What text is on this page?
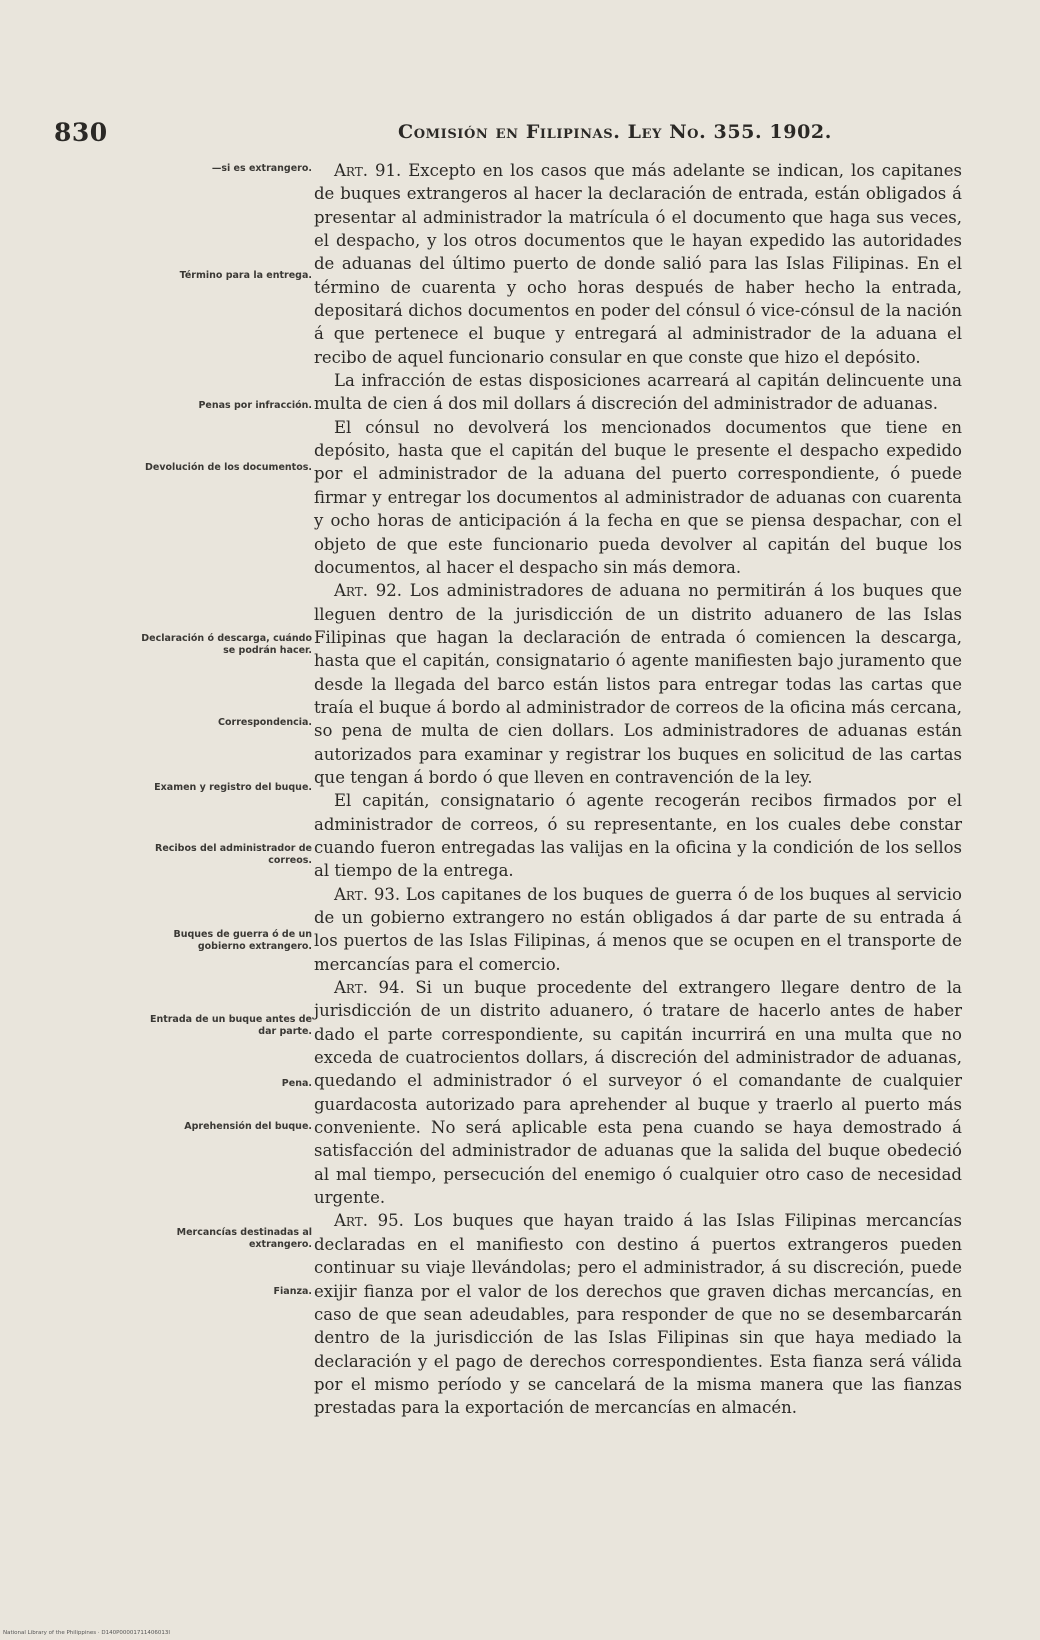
830	Comisión en Filipinas. Ley No. 355. 1902.
—si es extrangero.
Término para la entrega.
Penas por infracción.
Devolución de los documentos.
Declaración ó descarga, cuándo se podrán hacer.
Correspondencia.
Examen y registro del buque.
Recibos del administrador de correos.
Buques de guerra ó de un gobierno extrangero.
Entrada de un buque antes de dar parte.
Pena.
Aprehensión del buque.
Mercancías destinadas al extrangero.
Fianza.

Art. 91. Excepto en los casos que más adelante se indican, los capitanes de buques extrangeros al hacer la declaración de entrada, están obligados á presentar al administrador la matrícula ó el documento que haga sus veces, el despacho, y los otros documentos que le hayan expedido las autoridades de aduanas del último puerto de donde salió para las Islas Filipinas. En el término de cuarenta y ocho horas después de haber hecho la entrada, depositará dichos documentos en poder del cónsul ó vice-cónsul de la nación á que pertenece el buque y entregará al administrador de la aduana el recibo de aquel funcionario consular en que conste que hizo el depósito.

La infracción de estas disposiciones acarreará al capitán delincuente una multa de cien á dos mil dollars á discreción del administrador de aduanas.

El cónsul no devolverá los mencionados documentos que tiene en depósito, hasta que el capitán del buque le presente el despacho expedido por el administrador de la aduana del puerto correspondiente, ó puede firmar y entregar los documentos al administrador de aduanas con cuarenta y ocho horas de anticipación á la fecha en que se piensa despachar, con el objeto de que este funcionario pueda devolver al capitán del buque los documentos, al hacer el despacho sin más demora.

Art. 92. Los administradores de aduana no permitirán á los buques que lleguen dentro de la jurisdicción de un distrito aduanero de las Islas Filipinas que hagan la declaración de entrada ó comiencen la descarga, hasta que el capitán, consignatario ó agente manifiesten bajo juramento que desde la llegada del barco están listos para entregar todas las cartas que traía el buque á bordo al administrador de correos de la oficina más cercana, so pena de multa de cien dollars. Los administradores de aduanas están autorizados para examinar y registrar los buques en solicitud de las cartas que tengan á bordo ó que lleven en contravención de la ley.

El capitán, consignatario ó agente recogerán recibos firmados por el administrador de correos, ó su representante, en los cuales debe constar cuando fueron entregadas las valijas en la oficina y la condición de los sellos al tiempo de la entrega.

Art. 93. Los capitanes de los buques de guerra ó de los buques al servicio de un gobierno extrangero no están obligados á dar parte de su entrada á los puertos de las Islas Filipinas, á menos que se ocupen en el transporte de mercancías para el comercio.

Art. 94. Si un buque procedente del extrangero llegare dentro de la jurisdicción de un distrito aduanero, ó tratare de hacerlo antes de haber dado el parte correspondiente, su capitán incurrirá en una multa que no exceda de cuatrocientos dollars, á discreción del administrador de aduanas, quedando el administrador ó el surveyor ó el comandante de cualquier guardacosta autorizado para aprehender al buque y traerlo al puerto más conveniente. No será aplicable esta pena cuando se haya demostrado á satisfacción del administrador de aduanas que la salida del buque obedeció al mal tiempo, persecución del enemigo ó cualquier otro caso de necesidad urgente.

Art. 95. Los buques que hayan traido á las Islas Filipinas mercancías declaradas en el manifiesto con destino á puertos extrangeros pueden continuar su viaje llevándolas; pero el administrador, á su discreción, puede exijir fianza por el valor de los derechos que graven dichas mercancías, en caso de que sean adeudables, para responder de que no se desembarcarán dentro de la jurisdicción de las Islas Filipinas sin que haya mediado la declaración y el pago de derechos correspondientes. Esta fianza será válida por el mismo período y se cancelará de la misma manera que las fianzas prestadas para la exportación de mercancías en almacén.

National Library of the Philippines · D140P00001711406013I
